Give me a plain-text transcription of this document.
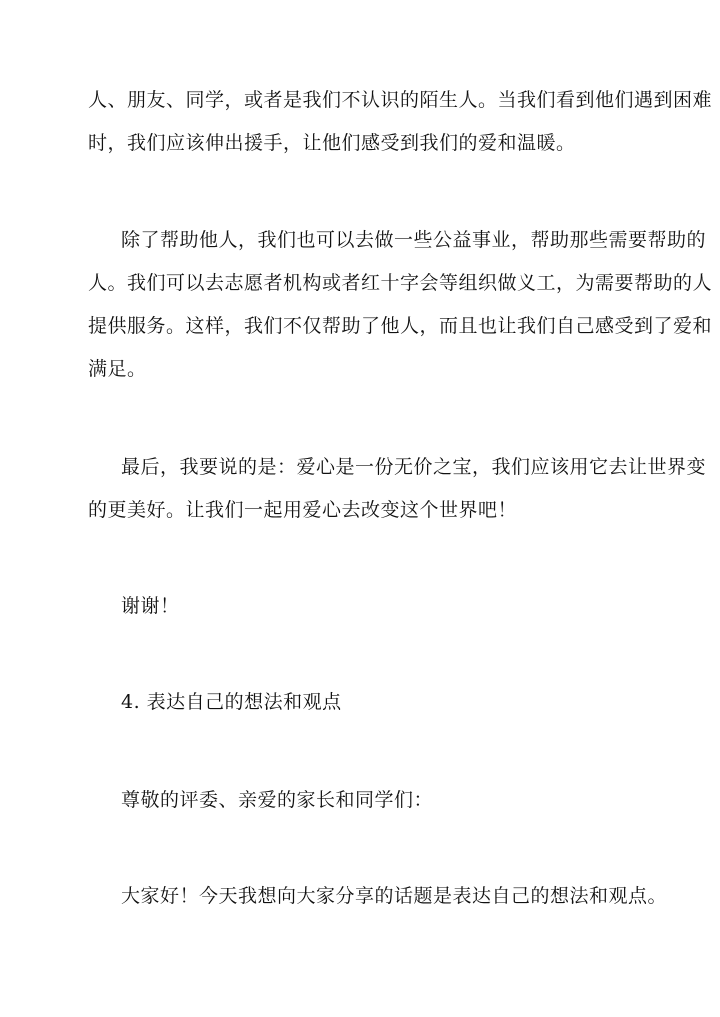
人、朋友、同学，或者是我们不认识的陌生人。当我们看到他们遇到困难
时，我们应该伸出援手，让他们感受到我们的爱和温暖。
除了帮助他人，我们也可以去做一些公益事业，帮助那些需要帮助的
人。我们可以去志愿者机构或者红十字会等组织做义工，为需要帮助的人
提供服务。这样，我们不仅帮助了他人，而且也让我们自己感受到了爱和
满足。
最后，我要说的是：爱心是一份无价之宝，我们应该用它去让世界变
的更美好。让我们一起用爱心去改变这个世界吧！
谢谢！
4. 表达自己的想法和观点
尊敬的评委、亲爱的家长和同学们：
大家好！今天我想向大家分享的话题是表达自己的想法和观点。
